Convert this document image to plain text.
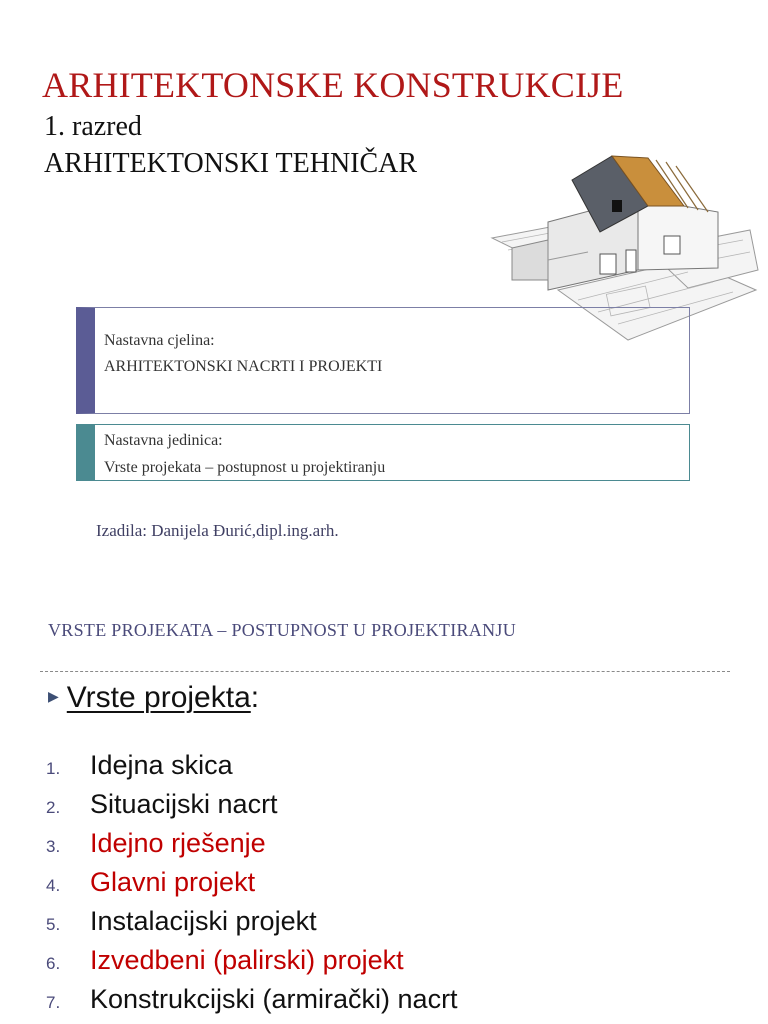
ARHITEKTONSKE KONSTRUKCIJE
1. razred
ARHITEKTONSKI TEHNIČAR
Nastavna cjelina:
ARHITEKTONSKI NACRTI I PROJEKTI
Nastavna jedinica:
Vrste projekata – postupnost u projektiranju
Izadila: Danijela Đurić,dipl.ing.arh.
VRSTE PROJEKATA – POSTUPNOST U PROJEKTIRANJU
▶ Vrste projekta:
1. Idejna skica
2. Situacijski nacrt
3. Idejno rješenje
4. Glavni projekt
5. Instalacijski projekt
6. Izvedbeni (palirski) projekt
7. Konstrukcijski (armirački) nacrt
